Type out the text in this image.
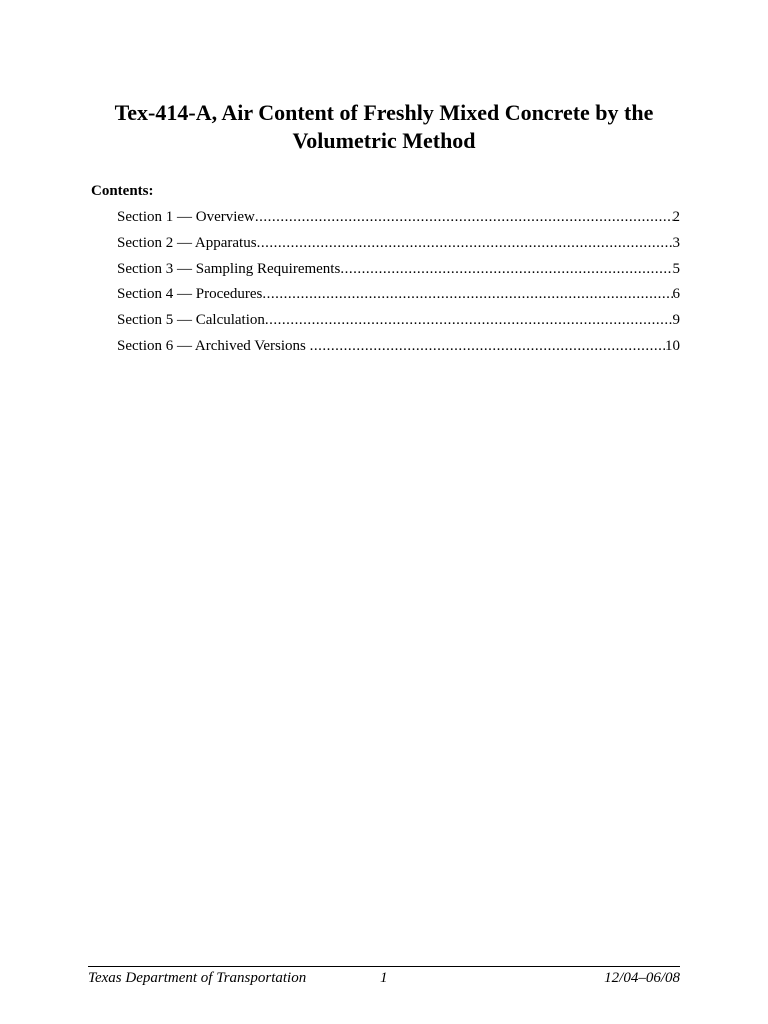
Tex-414-A, Air Content of Freshly Mixed Concrete by the Volumetric Method
Contents:
Section 1 — Overview .....	2
Section 2 — Apparatus .....	3
Section 3 — Sampling Requirements .....	5
Section 4 — Procedures .....	6
Section 5 — Calculation .....	9
Section 6 — Archived Versions .....	10
Texas Department of Transportation	1	12/04–06/08
